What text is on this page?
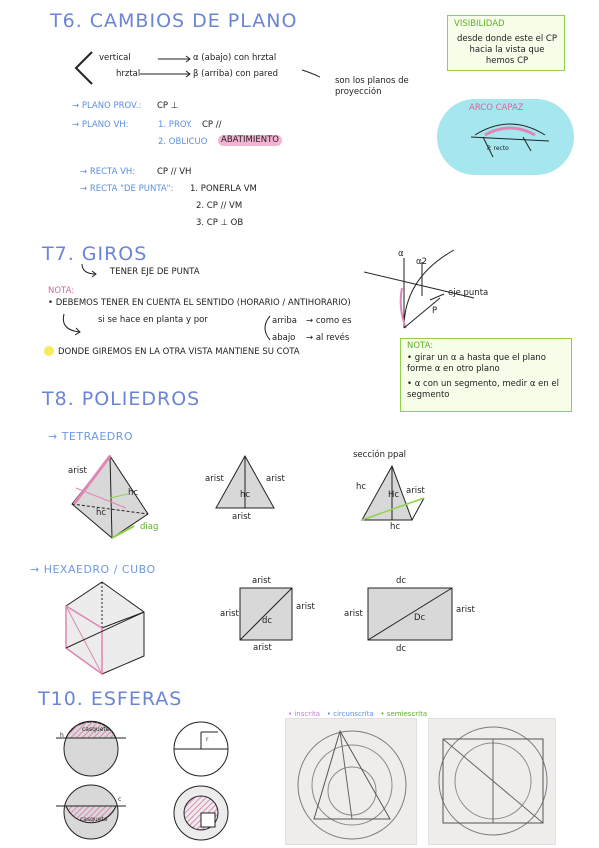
T6. CAMBIOS DE PLANO
vertical
hrztal
α (abajo) con hrztal
β (arriba) con pared
son los planos de proyección
→ PLANO PROV.: CP ⊥
→ PLANO VH:	1. PROY. CP //
2. OBLICUO	ABATIMIENTO
→ RECTA VH:	CP // VH
→ RECTA "DE PUNTA": 1. PONERLA VM
2. CP // VM
3. CP ⊥ OB
VISIBILIDAD
desde donde este el CP hacia la vista que hemos CP
ARCO CAPAZ
P. recto
T7. GIROS
TENER EJE DE PUNTA
NOTA:
• DEBEMOS TENER EN CUENTA EL SENTIDO (HORARIO / ANTIHORARIO)
si se hace en planta y por	arriba → como es
abajo → al revés
DONDE GIREMOS EN LA OTRA VISTA MANTIENE SU COTA
α
α2
P
eje punta
NOTA:
• girar un α a hasta que el plano forme α en otro plano
• α con un segmento, medir α en el segmento
T8. POLIEDROS
→ TETRAEDRO
arist
hc
hc
diag
arist	arist
hc
arist
sección ppal
hc
Hc arist
hc
→ HEXAEDRO / CUBO
arist
arist
arist
dc
arist
dc
arist	arist
Dc
dc
T10. ESFERAS
• inscrita • circunscrita • semiescrita
h
casquete
c
casquete
r
